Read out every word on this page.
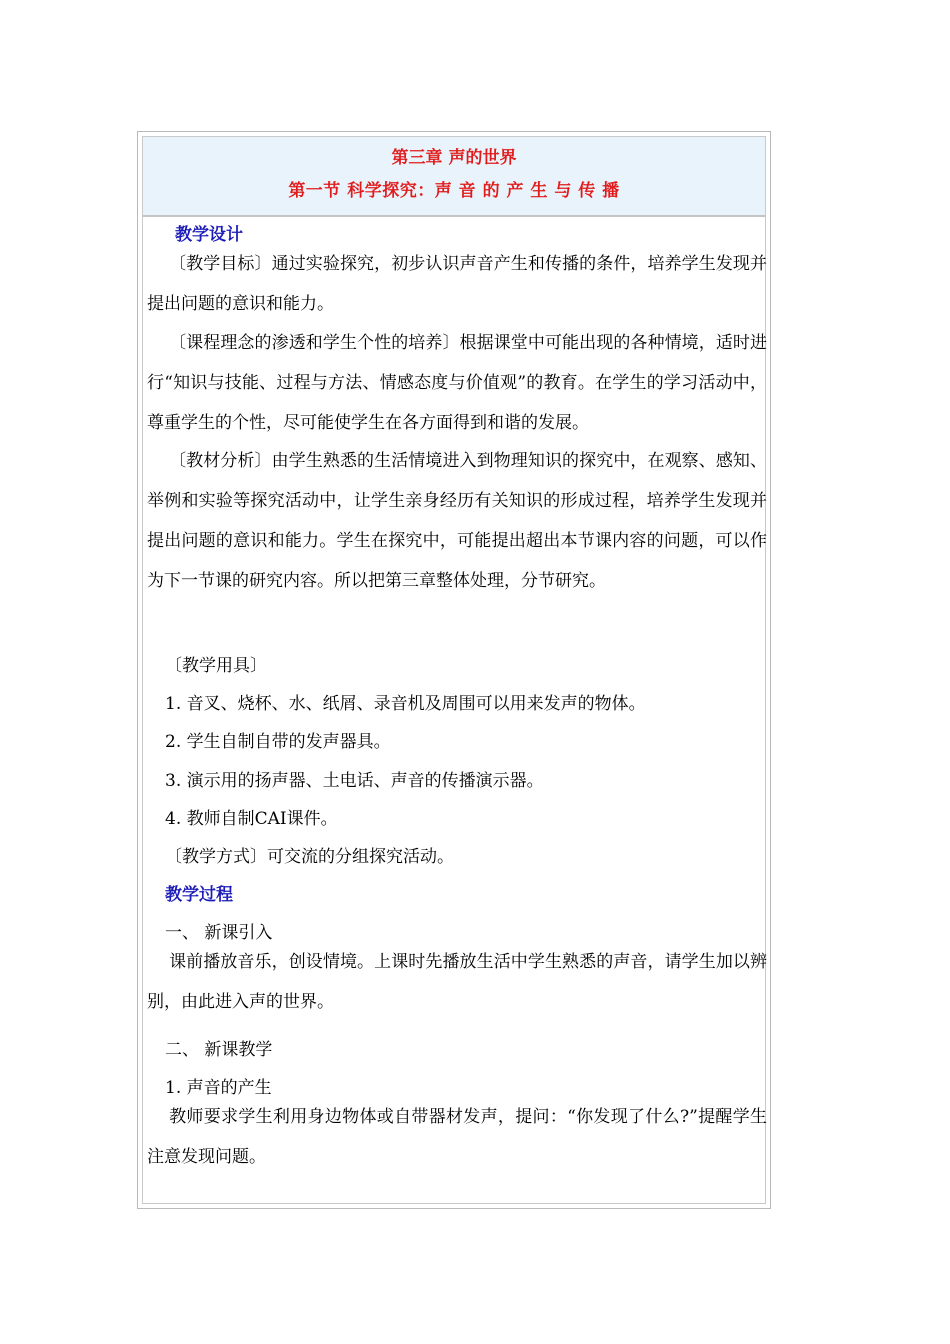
第三章 声的世界
第一节 科学探究：声 音 的 产 生 与 传 播
教学设计

〔教学目标〕通过实验探究，初步认识声音产生和传播的条件，培养学生发现并提出问题的意识和能力。

〔课程理念的渗透和学生个性的培养〕根据课堂中可能出现的各种情境，适时进行“知识与技能、过程与方法、情感态度与价值观”的教育。在学生的学习活动中，尊重学生的个性，尽可能使学生在各方面得到和谐的发展。

〔教材分析〕由学生熟悉的生活情境进入到物理知识的探究中，在观察、感知、举例和实验等探究活动中，让学生亲身经历有关知识的形成过程，培养学生发现并提出问题的意识和能力。学生在探究中，可能提出超出本节课内容的问题，可以作为下一节课的研究内容。所以把第三章整体处理，分节研究。

〔教学用具〕
1. 音叉、烧杯、水、纸屑、录音机及周围可以用来发声的物体。
2. 学生自制自带的发声器具。
3. 演示用的扬声器、土电话、声音的传播演示器。
4. 教师自制CAI课件。
〔教学方式〕可交流的分组探究活动。
教学过程
一、 新课引入

课前播放音乐，创设情境。上课时先播放生活中学生熟悉的声音，请学生加以辨别，由此进入声的世界。

二、 新课教学
1. 声音的产生

教师要求学生利用身边物体或自带器材发声，提问：“你发现了什么?”提醒学生注意发现问题。
